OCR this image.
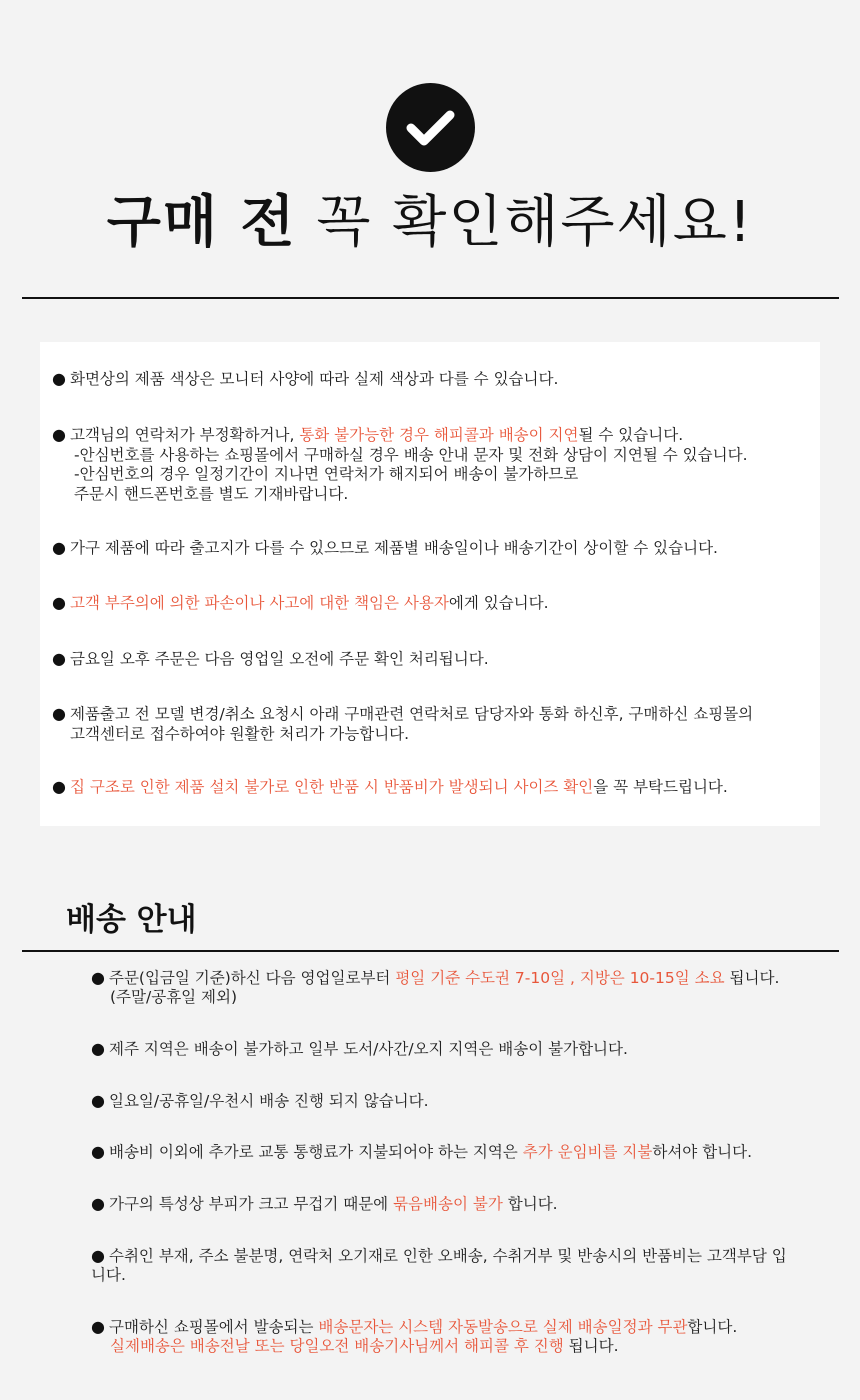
구매 전 꼭 확인해주세요!
● 화면상의 제품 색상은 모니터 사양에 따라 실제 색상과 다를 수 있습니다.
● 고객님의 연락처가 부정확하거나, 통화 불가능한 경우 해피콜과 배송이 지연될 수 있습니다.
-안심번호를 사용하는 쇼핑몰에서 구매하실 경우 배송 안내 문자 및 전화 상담이 지연될 수 있습니다.
-안심번호의 경우 일정기간이 지나면 연락처가 해지되어 배송이 불가하므로
주문시 핸드폰번호를 별도 기재바랍니다.
● 가구 제품에 따라 출고지가 다를 수 있으므로 제품별 배송일이나 배송기간이 상이할 수 있습니다.
● 고객 부주의에 의한 파손이나 사고에 대한 책임은 사용자에게 있습니다.
● 금요일 오후 주문은 다음 영업일 오전에 주문 확인 처리됩니다.
● 제품출고 전 모델 변경/취소 요청시 아래 구매관련 연락처로 담당자와 통화 하신후, 구매하신 쇼핑몰의
고객센터로 접수하여야 원활한 처리가 가능합니다.
● 집 구조로 인한 제품 설치 불가로 인한 반품 시 반품비가 발생되니 사이즈 확인을 꼭 부탁드립니다.
배송 안내
● 주문(입금일 기준)하신 다음 영업일로부터 평일 기준 수도권 7-10일 , 지방은 10-15일 소요 됩니다.
(주말/공휴일 제외)
● 제주 지역은 배송이 불가하고 일부 도서/사간/오지 지역은 배송이 불가합니다.
● 일요일/공휴일/우천시 배송 진행 되지 않습니다.
● 배송비 이외에 추가로 교통 통행료가 지불되어야 하는 지역은 추가 운임비를 지불하셔야 합니다.
● 가구의 특성상 부피가 크고 무겁기 때문에 묶음배송이 불가 합니다.
● 수취인 부재, 주소 불분명, 연락처 오기재로 인한 오배송, 수취거부 및 반송시의 반품비는 고객부담 입
니다.
● 구매하신 쇼핑몰에서 발송되는 배송문자는 시스템 자동발송으로 실제 배송일정과 무관합니다.
실제배송은 배송전날 또는 당일오전 배송기사님께서 해피콜 후 진행 됩니다.
